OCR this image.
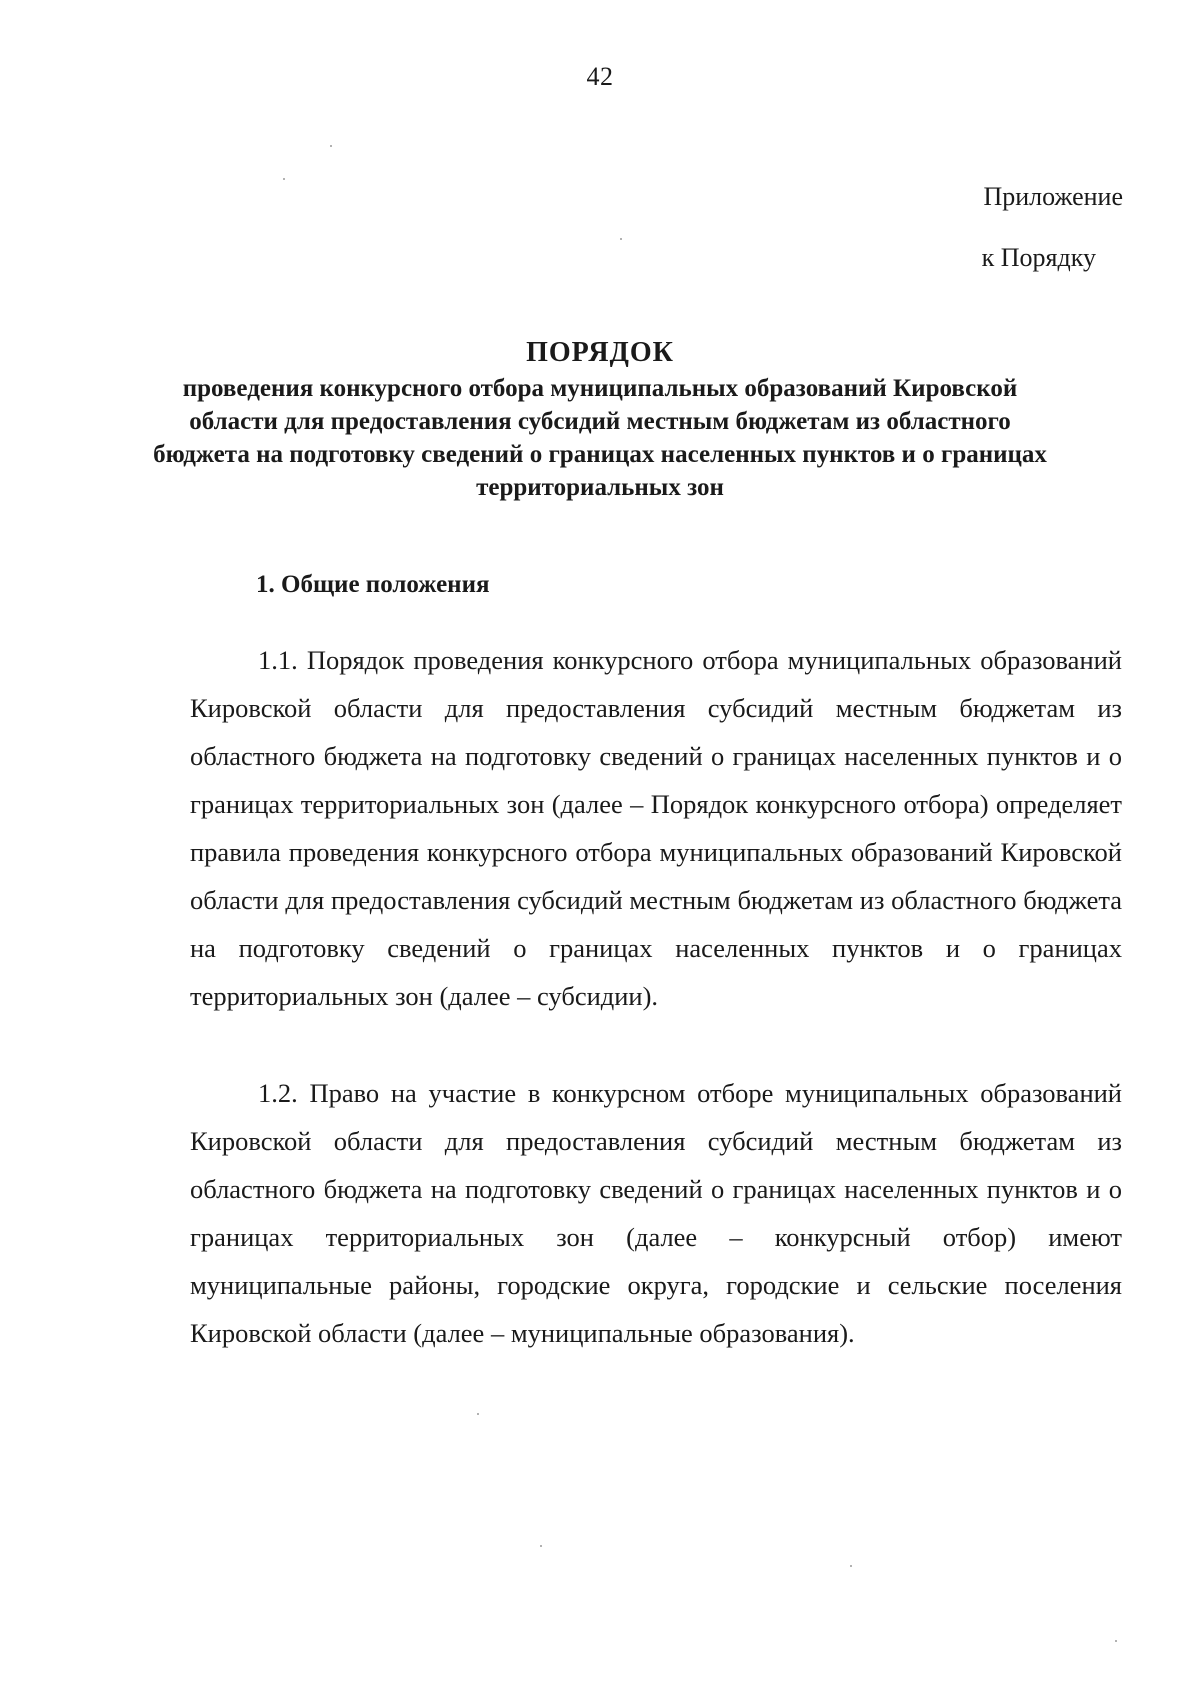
42
Приложение
к Порядку
ПОРЯДОК
проведения конкурсного отбора муниципальных образований Кировской области для предоставления субсидий местным бюджетам из областного бюджета на подготовку сведений о границах населенных пунктов и о границах территориальных зон
1. Общие положения
1.1. Порядок проведения конкурсного отбора муниципальных образований Кировской области для предоставления субсидий местным бюджетам из областного бюджета на подготовку сведений о границах населенных пунктов и о границах территориальных зон (далее – Порядок конкурсного отбора) определяет правила проведения конкурсного отбора муниципальных образований Кировской области для предоставления субсидий местным бюджетам из областного бюджета на подготовку сведений о границах населенных пунктов и о границах территориальных зон (далее – субсидии).
1.2. Право на участие в конкурсном отборе муниципальных образований Кировской области для предоставления субсидий местным бюджетам из областного бюджета на подготовку сведений о границах населенных пунктов и о границах территориальных зон (далее – конкурсный отбор) имеют муниципальные районы, городские округа, городские и сельские поселения Кировской области (далее – муниципальные образования).
